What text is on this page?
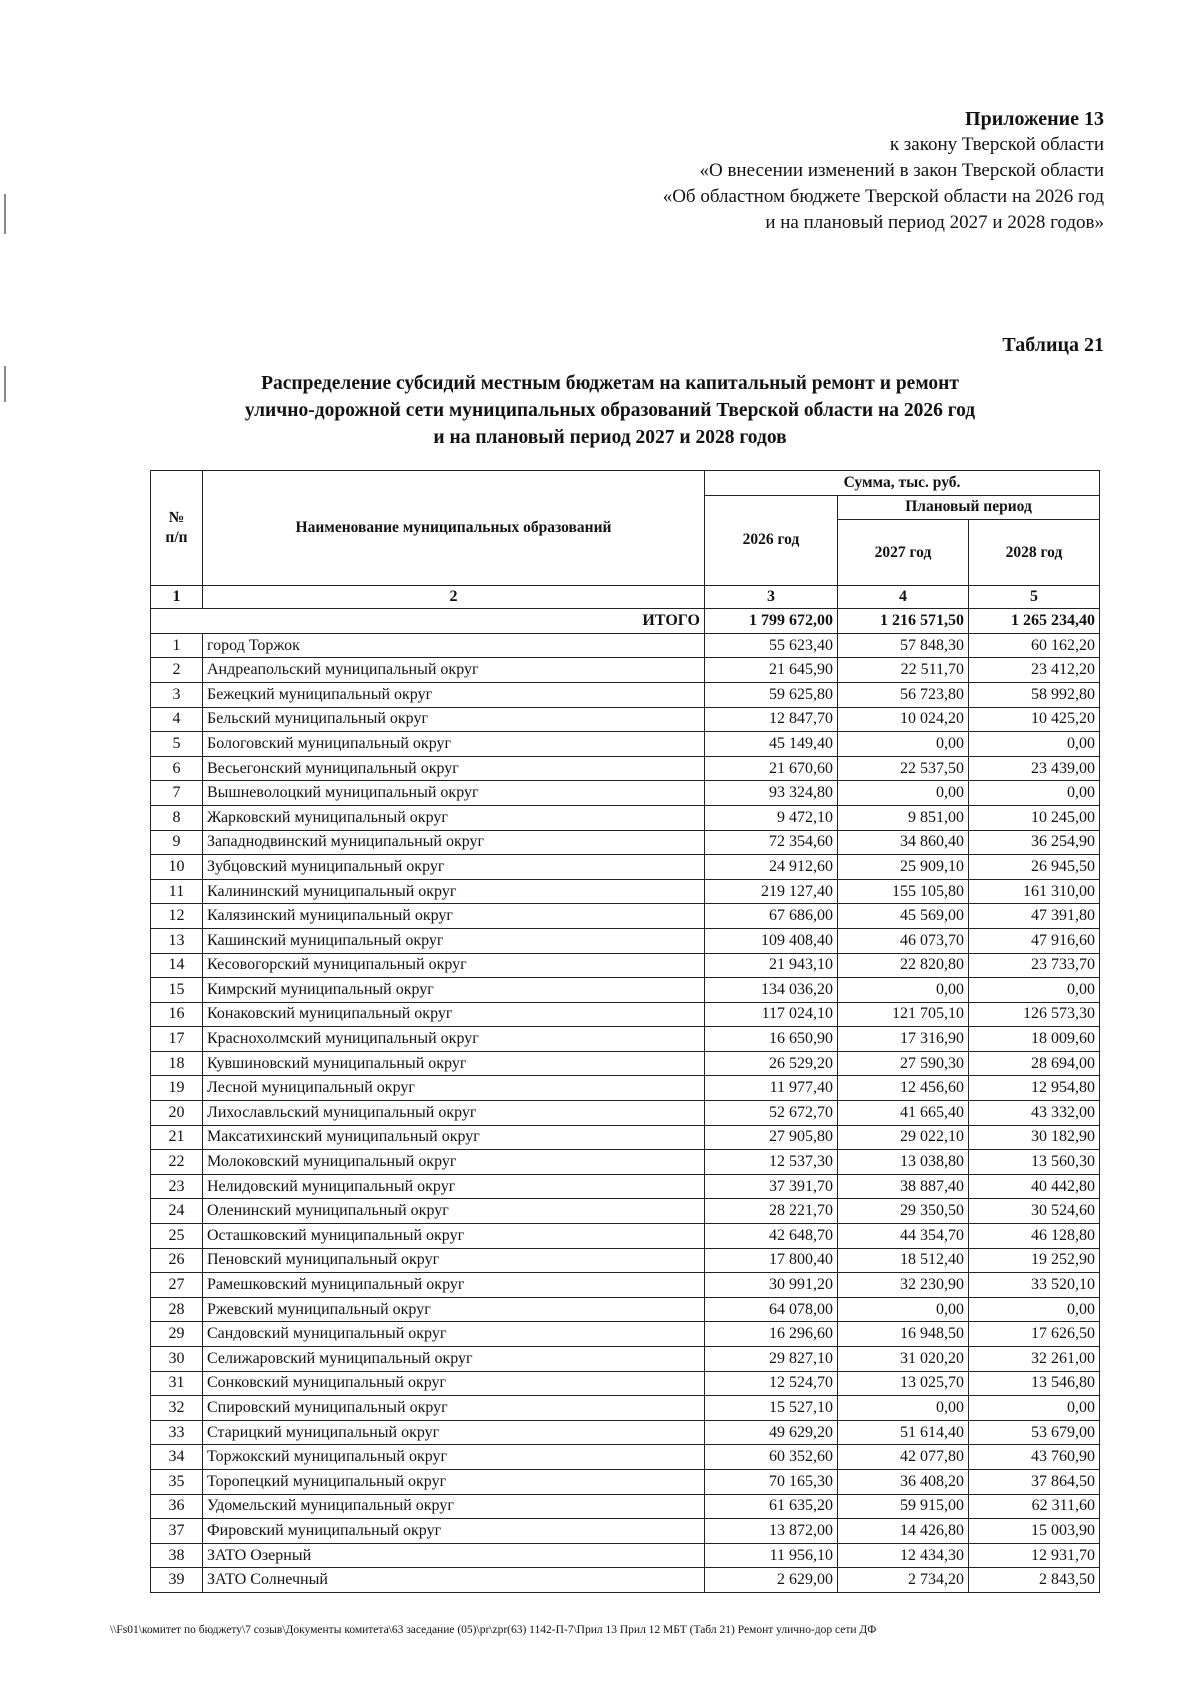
Приложение 13
к закону Тверской области
«О внесении изменений в закон Тверской области
«Об областном бюджете Тверской области на 2026 год
и на плановый период 2027 и 2028 годов»
Таблица 21
Распределение субсидий местным бюджетам на капитальный ремонт и ремонт
улично-дорожной сети муниципальных образований Тверской области на 2026 год
и на плановый период 2027 и 2028 годов
№ п/п	Наименование муниципальных образований	Сумма, тыс. руб.		
		2026 год	Плановый период	
			2027 год	2028 год
1	2	3	4	5
ИТОГО		1 799 672,00	1 216 571,50	1 265 234,40
1	город Торжок	55 623,40	57 848,30	60 162,20
2	Андреапольский муниципальный округ	21 645,90	22 511,70	23 412,20
3	Бежецкий муниципальный округ	59 625,80	56 723,80	58 992,80
4	Бельский муниципальный округ	12 847,70	10 024,20	10 425,20
5	Бологовский муниципальный округ	45 149,40	0,00	0,00
6	Весьегонский муниципальный округ	21 670,60	22 537,50	23 439,00
7	Вышневолоцкий муниципальный округ	93 324,80	0,00	0,00
8	Жарковский муниципальный округ	9 472,10	9 851,00	10 245,00
9	Западнодвинский муниципальный округ	72 354,60	34 860,40	36 254,90
10	Зубцовский муниципальный округ	24 912,60	25 909,10	26 945,50
11	Калининский муниципальный округ	219 127,40	155 105,80	161 310,00
12	Калязинский муниципальный округ	67 686,00	45 569,00	47 391,80
13	Кашинский муниципальный округ	109 408,40	46 073,70	47 916,60
14	Кесовогорский муниципальный округ	21 943,10	22 820,80	23 733,70
15	Кимрский муниципальный округ	134 036,20	0,00	0,00
16	Конаковский муниципальный округ	117 024,10	121 705,10	126 573,30
17	Краснохолмский муниципальный округ	16 650,90	17 316,90	18 009,60
18	Кувшиновский муниципальный округ	26 529,20	27 590,30	28 694,00
19	Лесной муниципальный округ	11 977,40	12 456,60	12 954,80
20	Лихославльский муниципальный округ	52 672,70	41 665,40	43 332,00
21	Максатихинский муниципальный округ	27 905,80	29 022,10	30 182,90
22	Молоковский муниципальный округ	12 537,30	13 038,80	13 560,30
23	Нелидовский муниципальный округ	37 391,70	38 887,40	40 442,80
24	Оленинский муниципальный округ	28 221,70	29 350,50	30 524,60
25	Осташковский муниципальный округ	42 648,70	44 354,70	46 128,80
26	Пеновский муниципальный округ	17 800,40	18 512,40	19 252,90
27	Рамешковский муниципальный округ	30 991,20	32 230,90	33 520,10
28	Ржевский муниципальный округ	64 078,00	0,00	0,00
29	Сандовский муниципальный округ	16 296,60	16 948,50	17 626,50
30	Селижаровский муниципальный округ	29 827,10	31 020,20	32 261,00
31	Сонковский муниципальный округ	12 524,70	13 025,70	13 546,80
32	Спировский муниципальный округ	15 527,10	0,00	0,00
33	Старицкий муниципальный округ	49 629,20	51 614,40	53 679,00
34	Торжокский муниципальный округ	60 352,60	42 077,80	43 760,90
35	Торопецкий муниципальный округ	70 165,30	36 408,20	37 864,50
36	Удомельский муниципальный округ	61 635,20	59 915,00	62 311,60
37	Фировский муниципальный округ	13 872,00	14 426,80	15 003,90
38	ЗАТО Озерный	11 956,10	12 434,30	12 931,70
39	ЗАТО Солнечный	2 629,00	2 734,20	2 843,50
\\Fs01\комитет по бюджету\7 созыв\Документы комитета\63 заседание (05)\pr\zpr(63) 1142-П-7\Прил 13 Прил 12 МБТ (Табл 21) Ремонт улично-дор сети ДФ
